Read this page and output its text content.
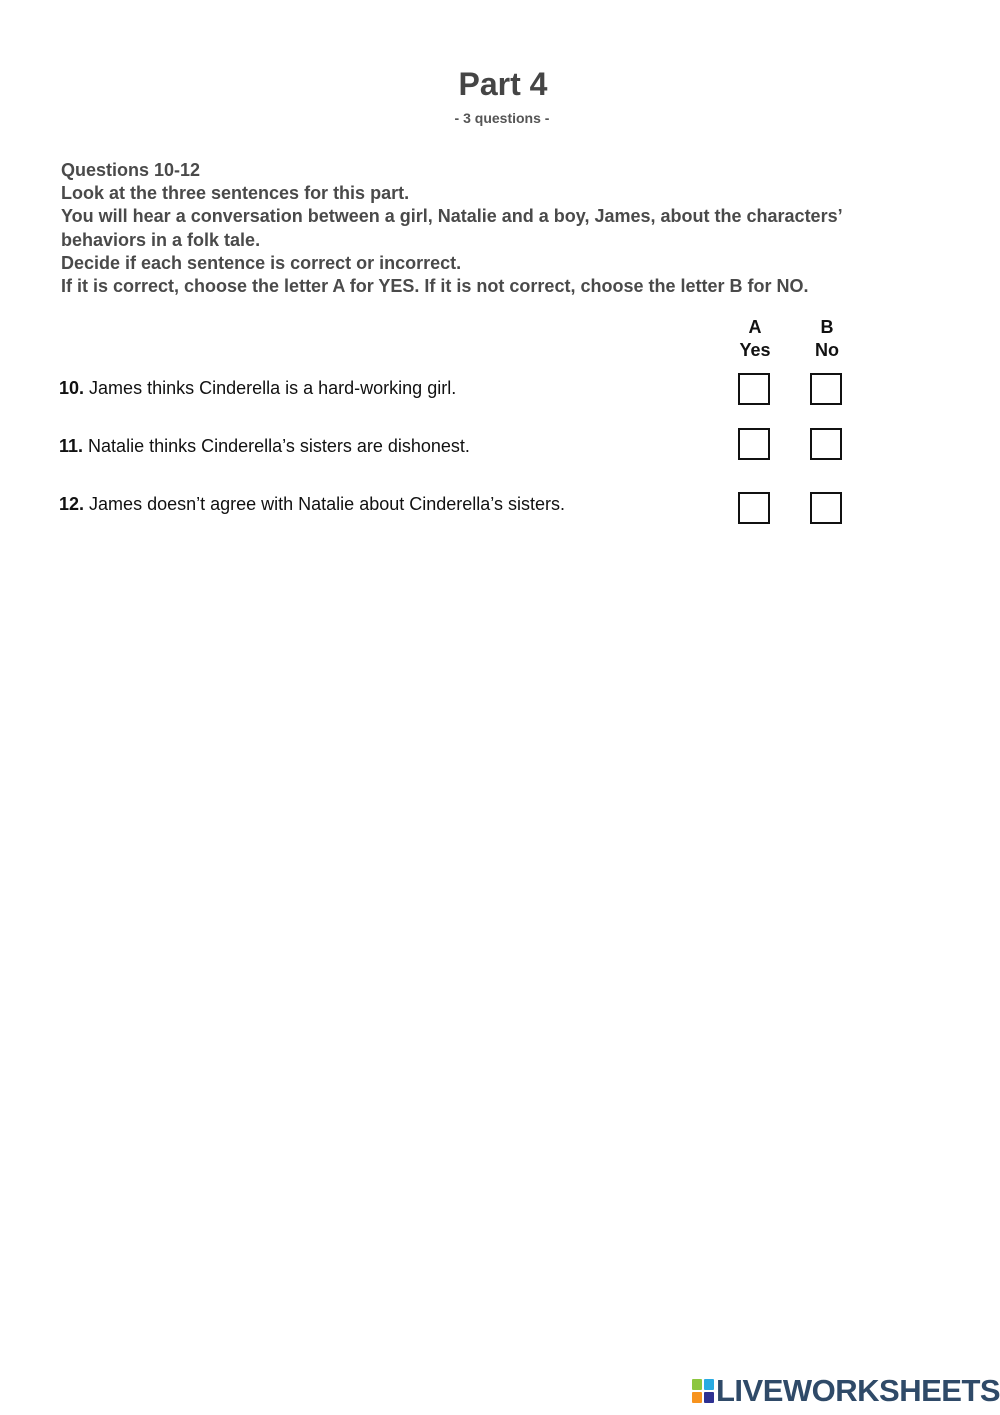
Part 4
- 3 questions -
Questions 10-12
Look at the three sentences for this part.
You will hear a conversation between a girl, Natalie and a boy, James, about the characters’
behaviors in a folk tale.
Decide if each sentence is correct or incorrect.
If it is correct, choose the letter A for YES. If it is not correct, choose the letter B for NO.
A
Yes
B
No
10. James thinks Cinderella is a hard-working girl.
11. Natalie thinks Cinderella’s sisters are dishonest.
12. James doesn’t agree with Natalie about Cinderella’s sisters.
LIVEWORKSHEETS
